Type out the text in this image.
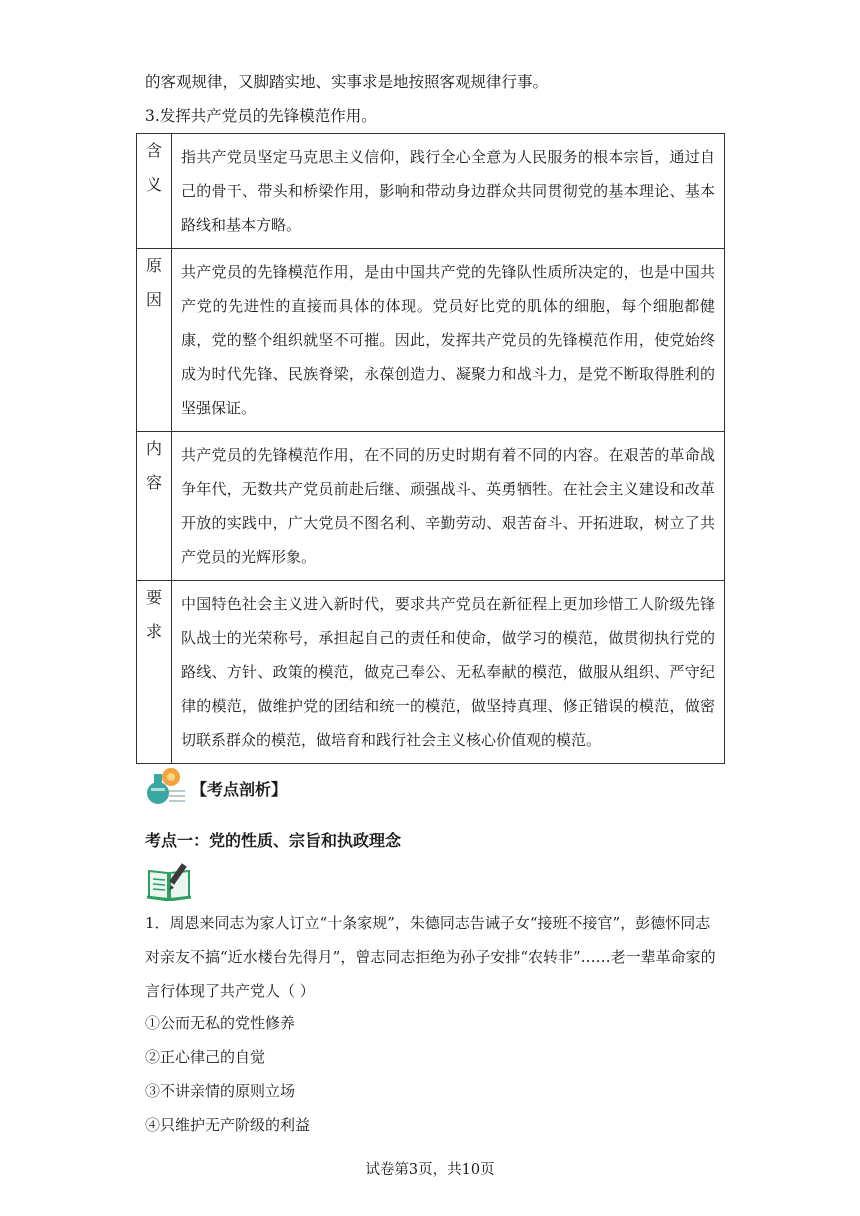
的客观规律，又脚踏实地、实事求是地按照客观规律行事。
3.发挥共产党员的先锋模范作用。
含义	指共产党员坚定马克思主义信仰，践行全心全意为人民服务的根本宗旨，通过自己的骨干、带头和桥梁作用，影响和带动身边群众共同贯彻党的基本理论、基本路线和基本方略。

原因	共产党员的先锋模范作用，是由中国共产党的先锋队性质所决定的，也是中国共产党的先进性的直接而具体的体现。党员好比党的肌体的细胞，每个细胞都健康，党的整个组织就坚不可摧。因此，发挥共产党员的先锋模范作用，使党始终成为时代先锋、民族脊梁，永葆创造力、凝聚力和战斗力，是党不断取得胜利的坚强保证。

内容	共产党员的先锋模范作用，在不同的历史时期有着不同的内容。在艰苦的革命战争年代，无数共产党员前赴后继、顽强战斗、英勇牺牲。在社会主义建设和改革开放的实践中，广大党员不图名利、辛勤劳动、艰苦奋斗、开拓进取，树立了共产党员的光辉形象。

要求	中国特色社会主义进入新时代，要求共产党员在新征程上更加珍惜工人阶级先锋队战士的光荣称号，承担起自己的责任和使命，做学习的模范，做贯彻执行党的路线、方针、政策的模范，做克己奉公、无私奉献的模范，做服从组织、严守纪律的模范，做维护党的团结和统一的模范，做坚持真理、修正错误的模范，做密切联系群众的模范，做培育和践行社会主义核心价值观的模范。
【考点剖析】
考点一：党的性质、宗旨和执政理念
1．周恩来同志为家人订立“十条家规”，朱德同志告诫子女“接班不接官”，彭德怀同志对亲友不搞“近水楼台先得月”，曾志同志拒绝为孙子安排“农转非”……老一辈革命家的言行体现了共产党人（ ）
①公而无私的党性修养
②正心律己的自觉
③不讲亲情的原则立场
④只维护无产阶级的利益
试卷第3页，共10页
